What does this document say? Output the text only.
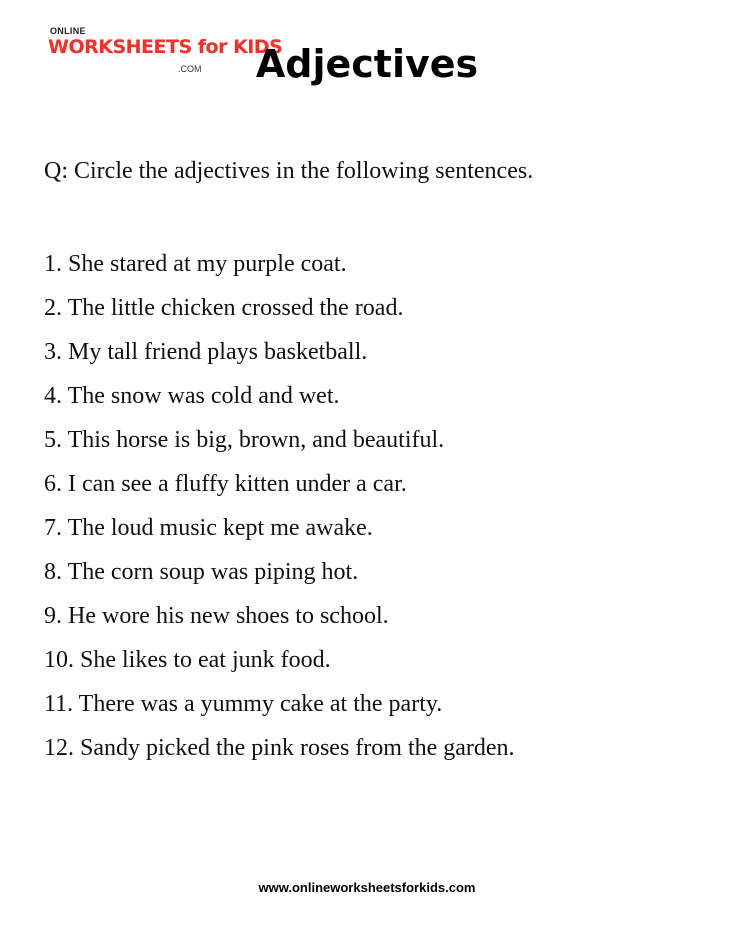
ONLINE
WORKSHEETS for KIDS
.COM	Adjectives
Q: Circle the adjectives in the following sentences.
1. She stared at my purple coat.
2. The little chicken crossed the road.
3. My tall friend plays basketball.
4. The snow was cold and wet.
5. This horse is big, brown, and beautiful.
6. I can see a fluffy kitten under a car.
7. The loud music kept me awake.
8. The corn soup was piping hot.
9. He wore his new shoes to school.
10. She likes to eat junk food.
11. There was a yummy cake at the party.
12. Sandy picked the pink roses from the garden.
www.onlineworksheetsforkids.com
